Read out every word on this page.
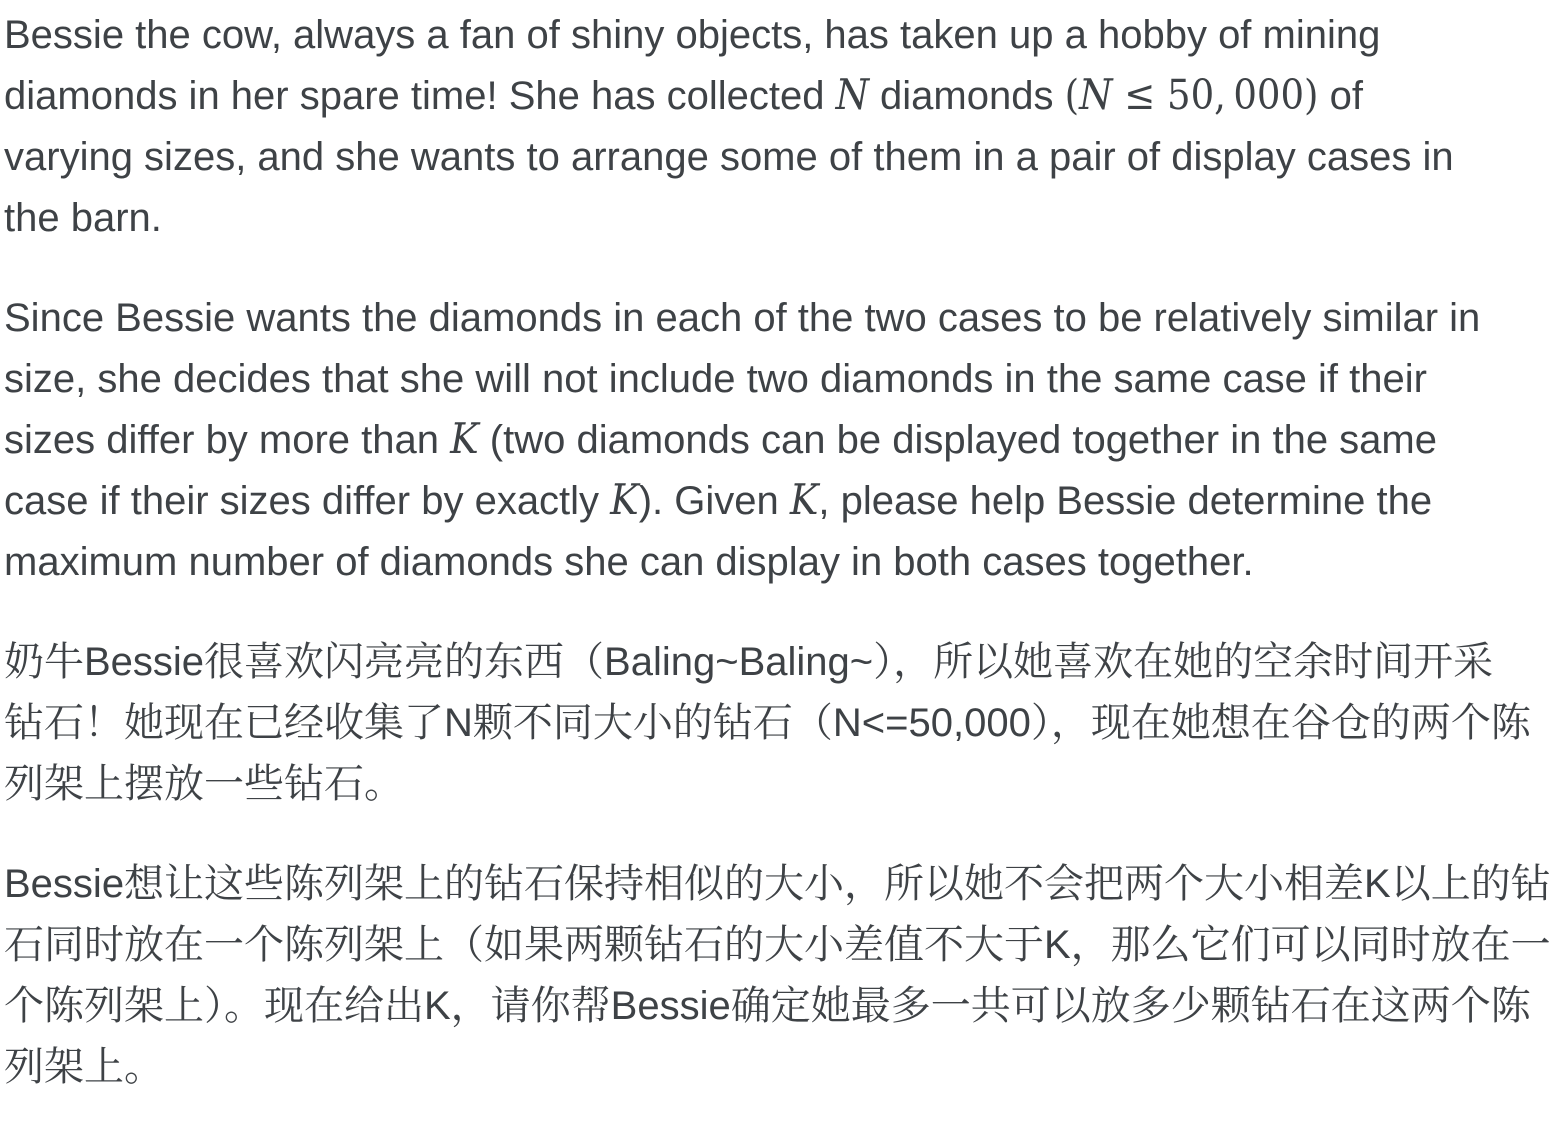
Bessie the cow, always a fan of shiny objects, has taken up a hobby of mining
diamonds in her spare time! She has collected N diamonds (N ≤ 50, 000) of
varying sizes, and she wants to arrange some of them in a pair of display cases in
the barn.
Since Bessie wants the diamonds in each of the two cases to be relatively similar in
size, she decides that she will not include two diamonds in the same case if their
sizes differ by more than K (two diamonds can be displayed together in the same
case if their sizes differ by exactly K). Given K, please help Bessie determine the
maximum number of diamonds she can display in both cases together.
奶牛Bessie很喜欢闪亮亮的东西（Baling~Baling~），所以她喜欢在她的空余时间开采
钻石！她现在已经收集了N颗不同大小的钻石（N<=50,000），现在她想在谷仓的两个陈
列架上摆放一些钻石。
Bessie想让这些陈列架上的钻石保持相似的大小，所以她不会把两个大小相差K以上的钻
石同时放在一个陈列架上（如果两颗钻石的大小差值不大于K，那么它们可以同时放在一
个陈列架上）。现在给出K，请你帮Bessie确定她最多一共可以放多少颗钻石在这两个陈
列架上。
